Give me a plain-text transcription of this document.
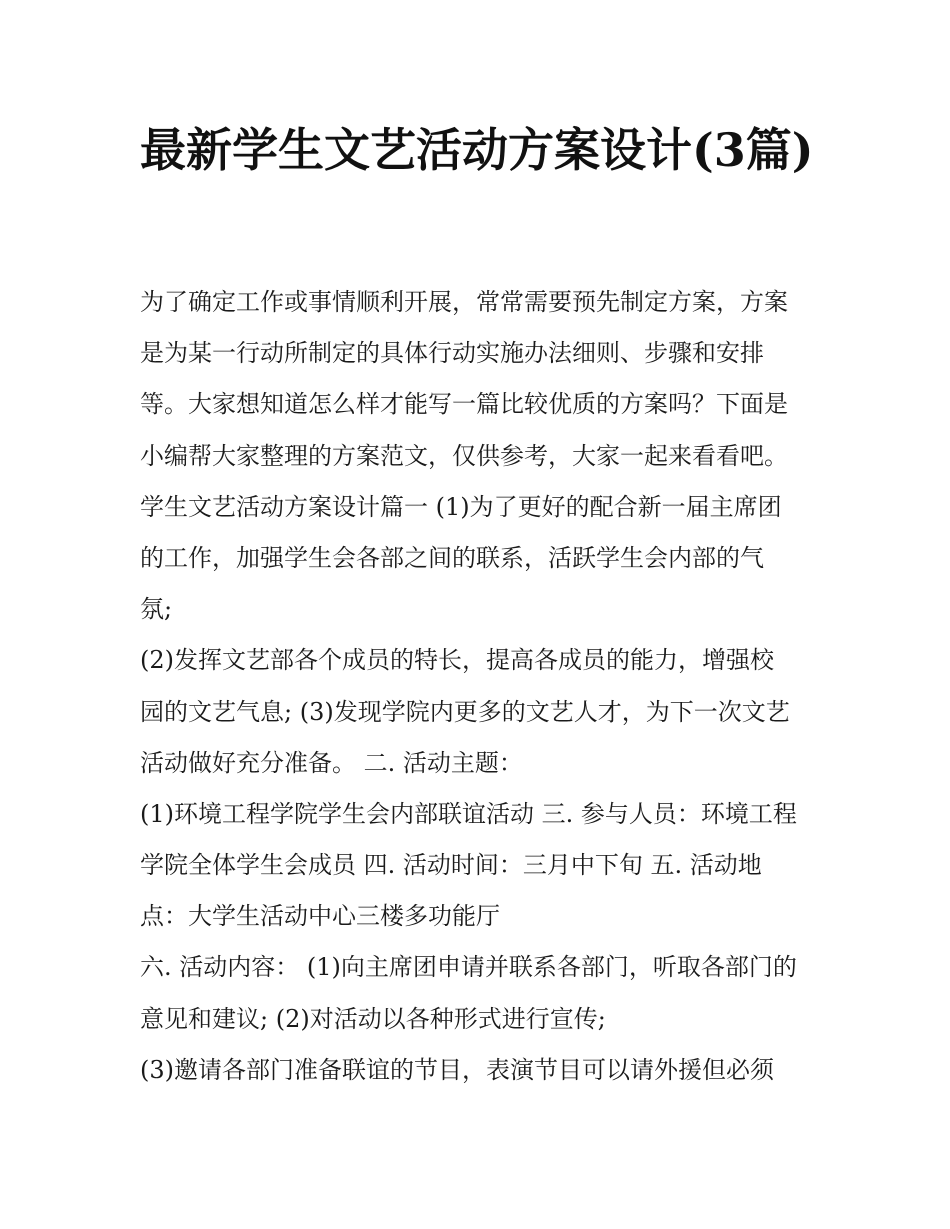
最新学生文艺活动方案设计(3篇)
为了确定工作或事情顺利开展，常常需要预先制定方案，方案
是为某一行动所制定的具体行动实施办法细则、步骤和安排
等。大家想知道怎么样才能写一篇比较优质的方案吗？下面是
小编帮大家整理的方案范文，仅供参考，大家一起来看看吧。
学生文艺活动方案设计篇一 (1)为了更好的配合新一届主席团
的工作，加强学生会各部之间的联系，活跃学生会内部的气
氛;
(2)发挥文艺部各个成员的特长，提高各成员的能力，增强校
园的文艺气息; (3)发现学院内更多的文艺人才，为下一次文艺
活动做好充分准备。 二. 活动主题：
(1)环境工程学院学生会内部联谊活动 三. 参与人员：环境工程
学院全体学生会成员 四. 活动时间：三月中下旬 五. 活动地
点：大学生活动中心三楼多功能厅
六. 活动内容： (1)向主席团申请并联系各部门，听取各部门的
意见和建议; (2)对活动以各种形式进行宣传;
(3)邀请各部门准备联谊的节目，表演节目可以请外援但必须
